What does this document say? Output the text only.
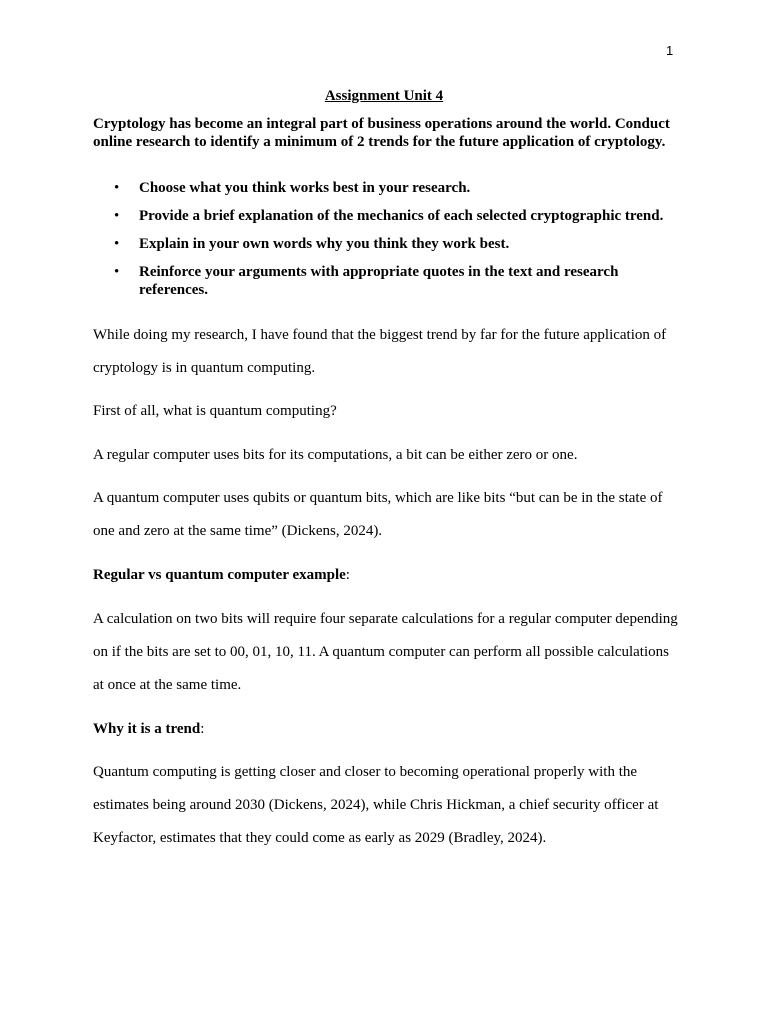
1
Assignment Unit 4
Cryptology has become an integral part of business operations around the world. Conduct online research to identify a minimum of 2 trends for the future application of cryptology.
• Choose what you think works best in your research.
• Provide a brief explanation of the mechanics of each selected cryptographic trend.
• Explain in your own words why you think they work best.
• Reinforce your arguments with appropriate quotes in the text and research references.

While doing my research, I have found that the biggest trend by far for the future application of cryptology is in quantum computing.

First of all, what is quantum computing?

A regular computer uses bits for its computations, a bit can be either zero or one.

A quantum computer uses qubits or quantum bits, which are like bits “but can be in the state of one and zero at the same time” (Dickens, 2024).

Regular vs quantum computer example:

A calculation on two bits will require four separate calculations for a regular computer depending on if the bits are set to 00, 01, 10, 11. A quantum computer can perform all possible calculations at once at the same time.

Why it is a trend:

Quantum computing is getting closer and closer to becoming operational properly with the estimates being around 2030 (Dickens, 2024), while Chris Hickman, a chief security officer at Keyfactor, estimates that they could come as early as 2029 (Bradley, 2024).
